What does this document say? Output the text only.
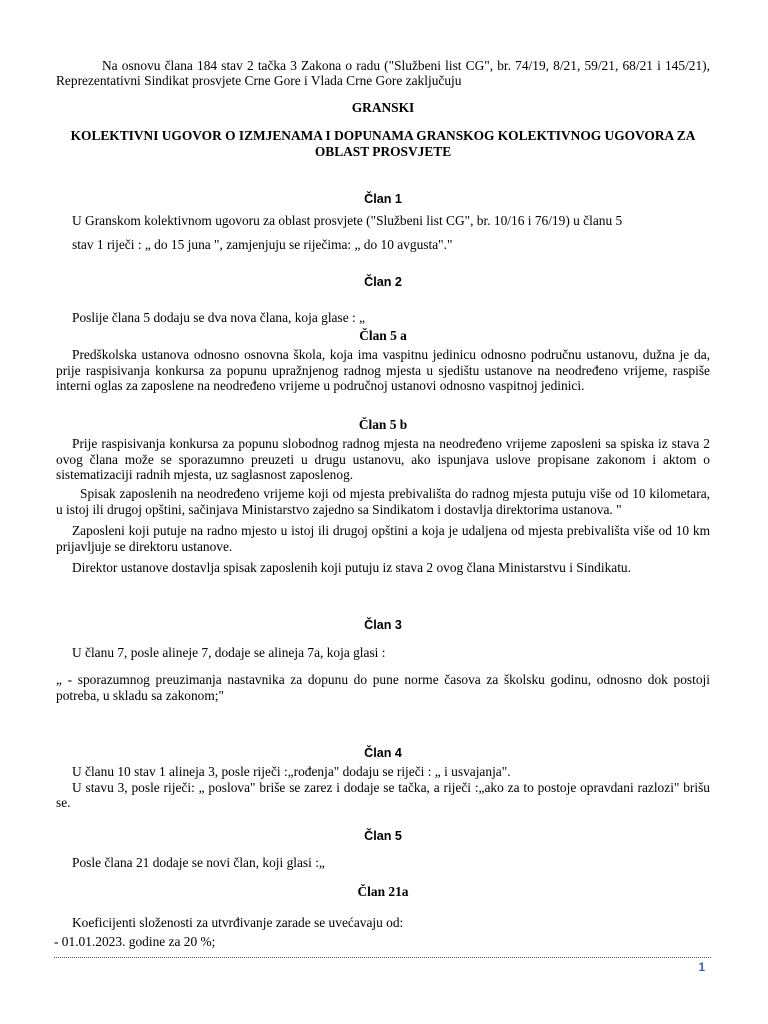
Na osnovu člana 184 stav 2 tačka 3 Zakona o radu ("Službeni list CG", br. 74/19, 8/21, 59/21, 68/21 i 145/21), Reprezentativni Sindikat prosvjete Crne Gore i Vlada Crne Gore zaključuju

GRANSKI

KOLEKTIVNI UGOVOR O IZMJENAMA I DOPUNAMA GRANSKOG KOLEKTIVNOG UGOVORA ZA OBLAST PROSVJETE

Član 1

U Granskom kolektivnom ugovoru za oblast prosvjete ("Službeni list CG", br. 10/16 i 76/19) u članu 5

stav 1 riječi : „ do 15 juna ", zamjenjuju se riječima: „ do 10 avgusta"."

Član 2

Poslije člana 5 dodaju se dva nova člana, koja glase : „

Član 5 a

Predškolska ustanova odnosno osnovna škola, koja ima vaspitnu jedinicu odnosno područnu ustanovu, dužna je da, prije raspisivanja konkursa za popunu upražnjenog radnog mjesta u sjedištu ustanove na neodređeno vrijeme, raspiše interni oglas za zaposlene na neodređeno vrijeme u područnoj ustanovi odnosno vaspitnoj jedinici.

Član 5 b

Prije raspisivanja konkursa za popunu slobodnog radnog mjesta na neodređeno vrijeme zaposleni sa spiska iz stava 2 ovog člana može se sporazumno preuzeti u drugu ustanovu, ako ispunjava uslove propisane zakonom i aktom o sistematizaciji radnih mjesta, uz saglasnost zaposlenog.

Spisak zaposlenih na neodređeno vrijeme koji od mjesta prebivališta do radnog mjesta putuju više od 10 kilometara, u istoj ili drugoj opštini, sačinjava Ministarstvo zajedno sa Sindikatom i dostavlja direktorima ustanova. "

Zaposleni koji putuje na radno mjesto u istoj ili drugoj opštini a koja je udaljena od mjesta prebivališta više od 10 km prijavljuje se direktoru ustanove.

Direktor ustanove dostavlja spisak zaposlenih koji putuju iz stava 2 ovog člana Ministarstvu i Sindikatu.

Član 3

U članu 7, posle alineje 7, dodaje se alineja 7a, koja glasi :

„ - sporazumnog preuzimanja nastavnika za dopunu do pune norme časova za školsku godinu, odnosno dok postoji potreba, u skladu sa zakonom;"

Član 4

U članu 10 stav 1 alineja 3, posle riječi :„rođenja" dodaju se riječi : „ i usvajanja".

U stavu 3, posle riječi: „ poslova" briše se zarez i dodaje se tačka, a riječi :„ako za to postoje opravdani razlozi" brišu se.

Član 5

Posle člana 21 dodaje se novi član, koji glasi :„

Član 21a

Koeficijenti složenosti za utvrđivanje zarade se uvećavaju od:

- 01.01.2023. godine za 20 %;

1
